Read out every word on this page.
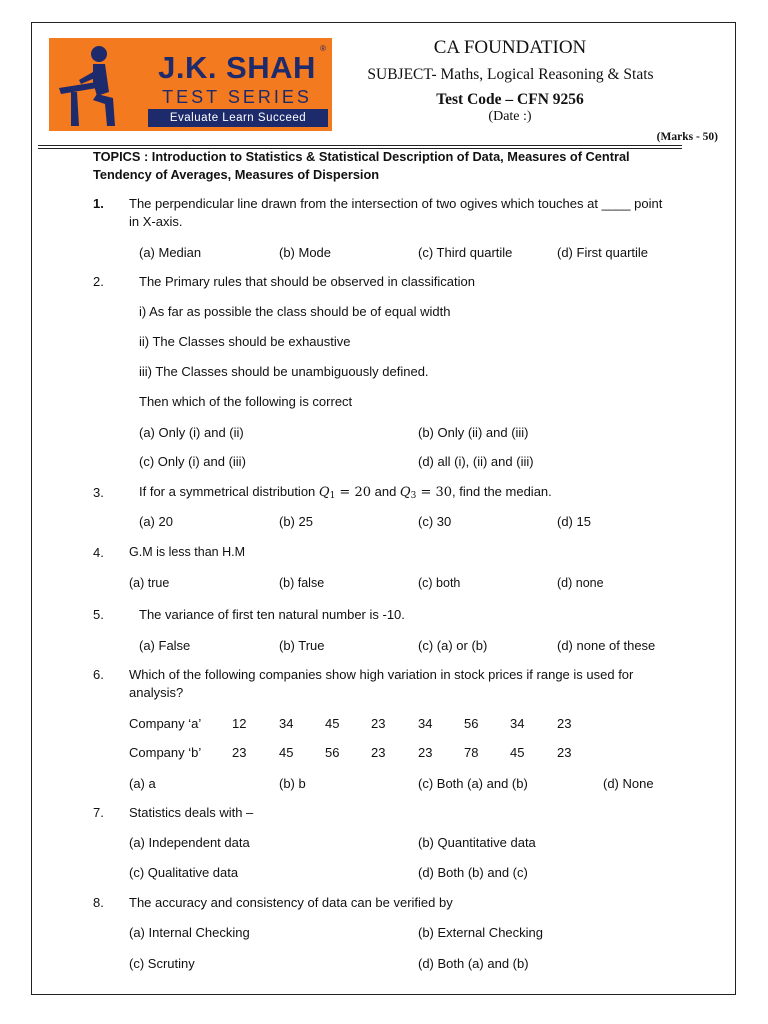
J.K. SHAH
®
TEST SERIES
Evaluate Learn Succeed
CA FOUNDATION
SUBJECT- Maths, Logical Reasoning & Stats
Test Code – CFN 9256
(Date :)
(Marks - 50)
TOPICS : Introduction to Statistics & Statistical Description of Data, Measures of Central Tendency of Averages, Measures of Dispersion
1. The perpendicular line drawn from the intersection of two ogives which touches at ____ point in X-axis.
(a) Median	(b) Mode	(c) Third quartile	(d) First quartile
2.	The Primary rules that should be observed in classification
i) As far as possible the class should be of equal width
ii) The Classes should be exhaustive
iii) The Classes should be unambiguously defined.
Then which of the following is correct
(a) Only (i) and (ii)	(b) Only (ii) and (iii)
(c) Only (i) and (iii)	(d) all (i), (ii) and (iii)
3.	If for a symmetrical distribution $Q_1 = 20$ and $Q_3 = 30$, find the median.
(a) 20	(b) 25	(c) 30	(d) 15
4. G.M is less than H.M
(a) true	(b) false	(c) both	(d) none
5.	The variance of first ten natural number is -10.
(a) False	(b) True	(c) (a) or (b)	(d) none of these
6. Which of the following companies show high variation in stock prices if range is used for analysis?
Company ‘a’ 12	34 45 23	34 56 34	23
Company ‘b’ 23	45 56 23	23 78 45	23
(a) a	(b) b	(c) Both (a) and (b)	(d) None
7. Statistics deals with –
(a) Independent data	(b) Quantitative data
(c) Qualitative data	(d) Both (b) and (c)
8. The accuracy and consistency of data can be verified by
(a) Internal Checking	(b) External Checking
(c) Scrutiny	(d) Both (a) and (b)
